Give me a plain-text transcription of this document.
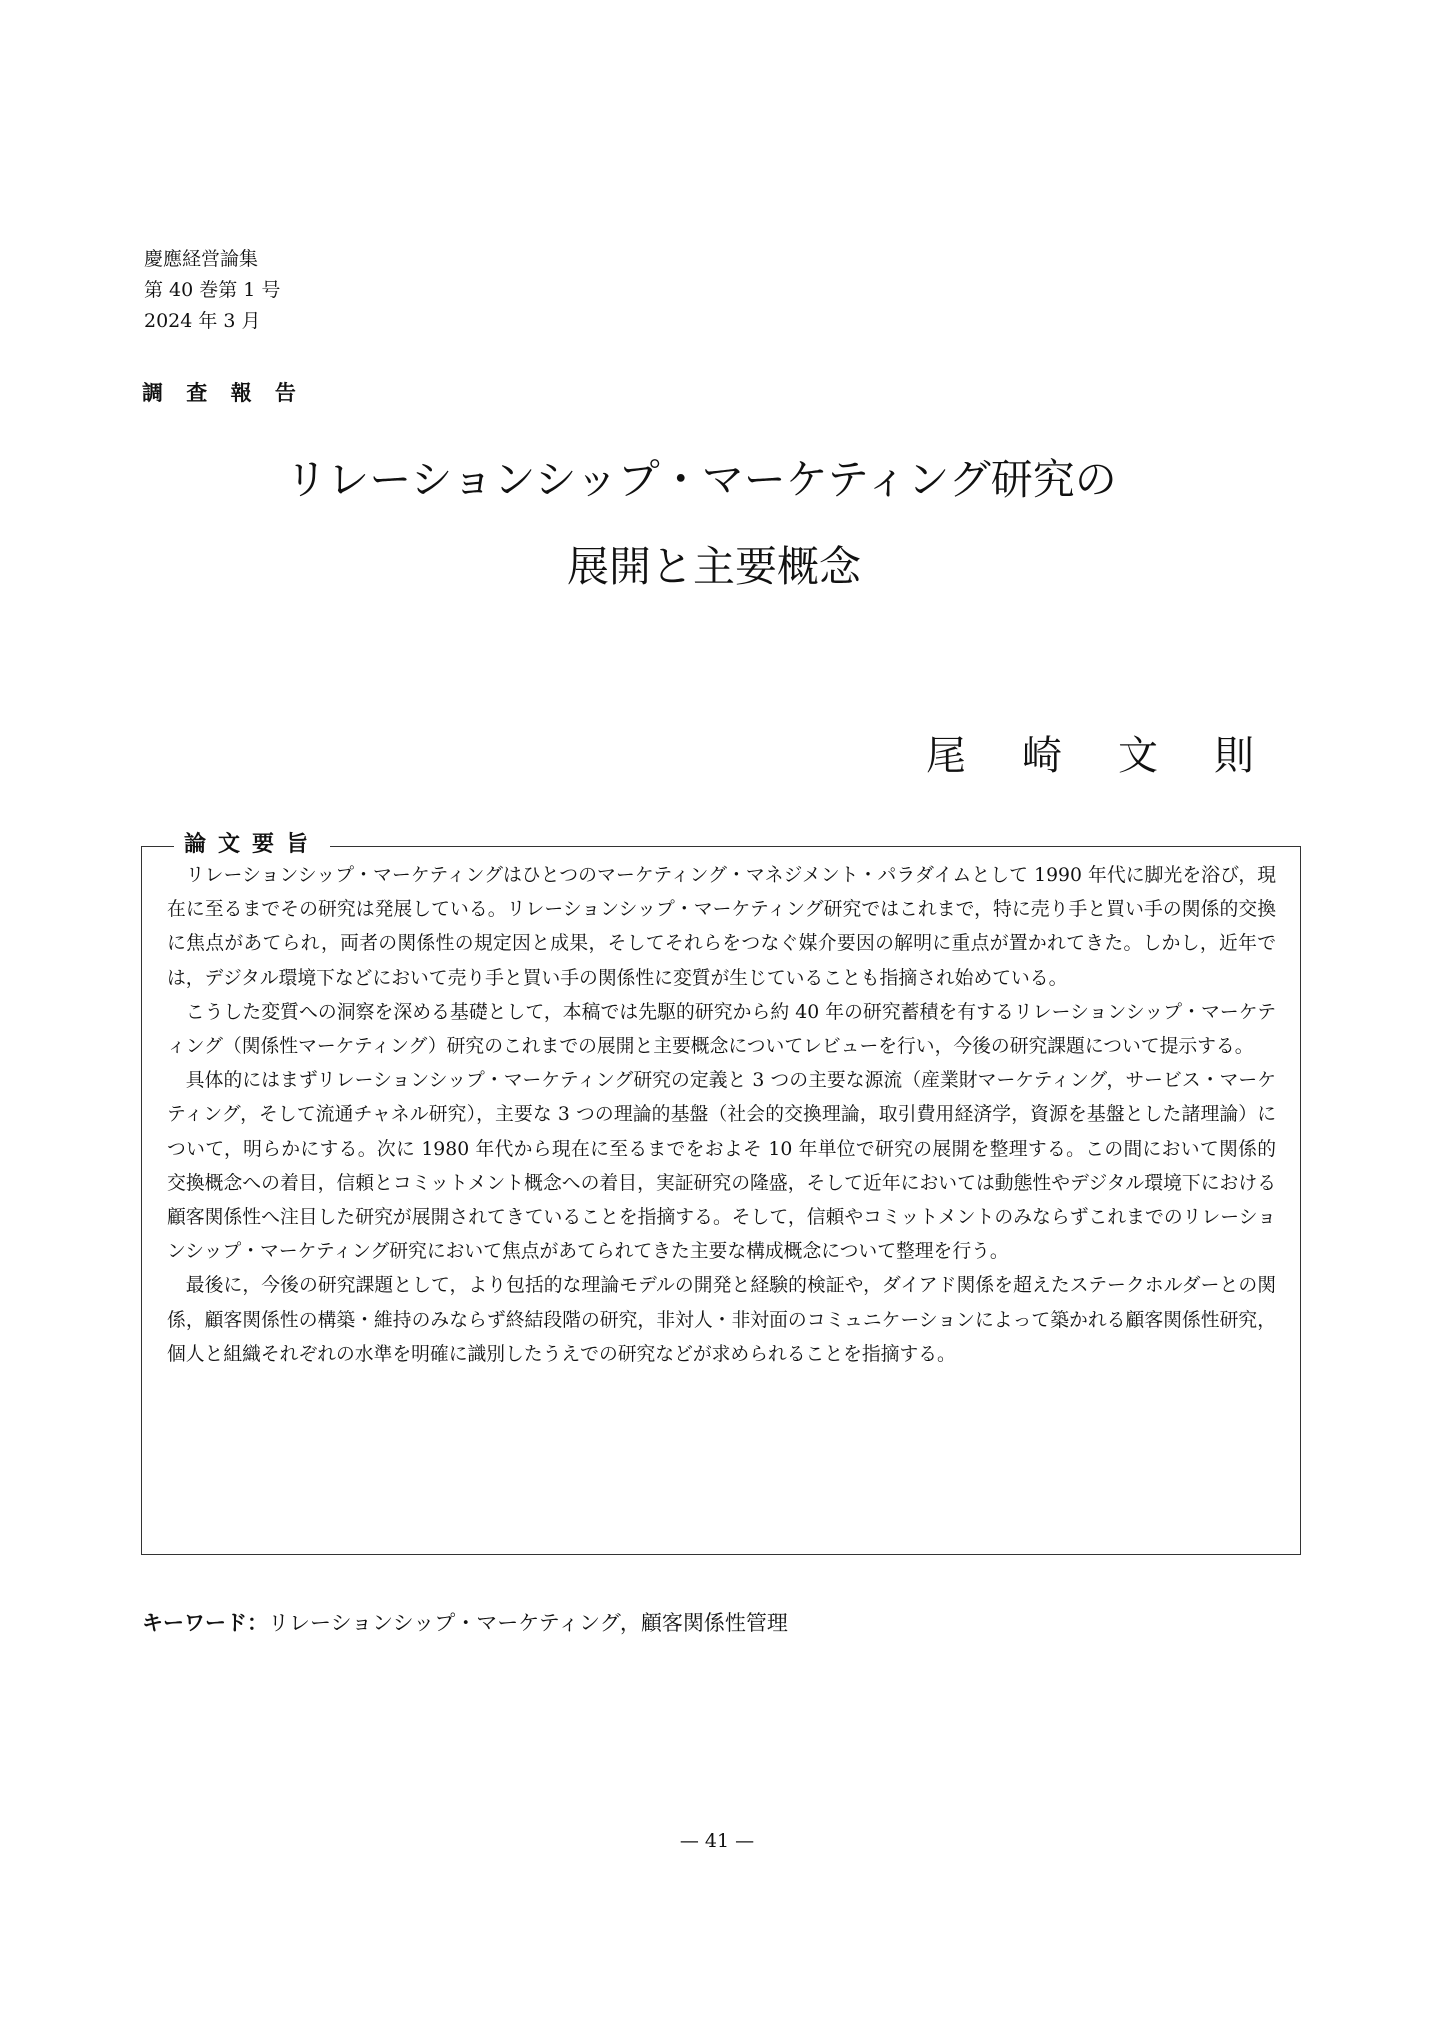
慶應経営論集
第 40 巻第 1 号
2024 年 3 月
調 査 報 告
リレーションシップ・マーケティング研究の
展開と主要概念
尾崎文則
論文要旨

リレーションシップ・マーケティングはひとつのマーケティング・マネジメント・パラダイムとして 1990 年代に脚光を浴び，現在に至るまでその研究は発展している。リレーションシップ・マーケティング研究ではこれまで，特に売り手と買い手の関係的交換に焦点があてられ，両者の関係性の規定因と成果，そしてそれらをつなぐ媒介要因の解明に重点が置かれてきた。しかし，近年では，デジタル環境下などにおいて売り手と買い手の関係性に変質が生じていることも指摘され始めている。

こうした変質への洞察を深める基礎として，本稿では先駆的研究から約 40 年の研究蓄積を有するリレーションシップ・マーケティング（関係性マーケティング）研究のこれまでの展開と主要概念についてレビューを行い，今後の研究課題について提示する。

具体的にはまずリレーションシップ・マーケティング研究の定義と 3 つの主要な源流（産業財マーケティング，サービス・マーケティング，そして流通チャネル研究），主要な 3 つの理論的基盤（社会的交換理論，取引費用経済学，資源を基盤とした諸理論）について，明らかにする。次に 1980 年代から現在に至るまでをおよそ 10 年単位で研究の展開を整理する。この間において関係的交換概念への着目，信頼とコミットメント概念への着目，実証研究の隆盛，そして近年においては動態性やデジタル環境下における顧客関係性へ注目した研究が展開されてきていることを指摘する。そして，信頼やコミットメントのみならずこれまでのリレーションシップ・マーケティング研究において焦点があてられてきた主要な構成概念について整理を行う。

最後に，今後の研究課題として，より包括的な理論モデルの開発と経験的検証や，ダイアド関係を超えたステークホルダーとの関係，顧客関係性の構築・維持のみならず終結段階の研究，非対人・非対面のコミュニケーションによって築かれる顧客関係性研究，個人と組織それぞれの水準を明確に識別したうえでの研究などが求められることを指摘する。

キーワード：リレーションシップ・マーケティング，顧客関係性管理
— 41 —
